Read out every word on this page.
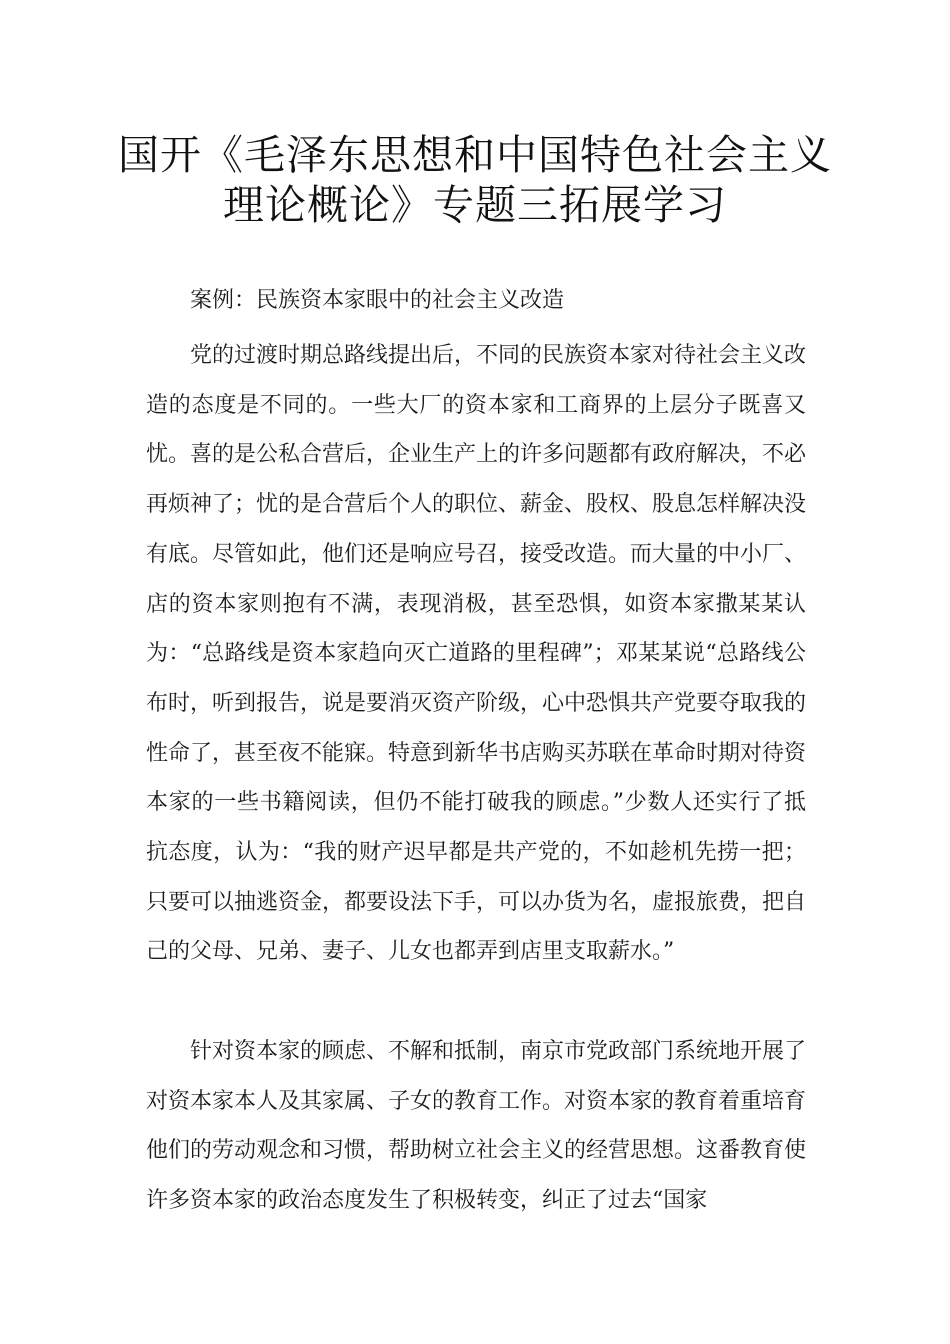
国开《毛泽东思想和中国特色社会主义
理论概论》专题三拓展学习
案例：民族资本家眼中的社会主义改造

党的过渡时期总路线提出后，不同的民族资本家对待社会主义改造的态度是不同的。一些大厂的资本家和工商界的上层分子既喜又忧。喜的是公私合营后，企业生产上的许多问题都有政府解决，不必再烦神了；忧的是合营后个人的职位、薪金、股权、股息怎样解决没有底。尽管如此，他们还是响应号召，接受改造。而大量的中小厂、店的资本家则抱有不满，表现消极，甚至恐惧，如资本家撒某某认为：“总路线是资本家趋向灭亡道路的里程碑”；邓某某说“总路线公布时，听到报告，说是要消灭资产阶级，心中恐惧共产党要夺取我的性命了，甚至夜不能寐。特意到新华书店购买苏联在革命时期对待资本家的一些书籍阅读，但仍不能打破我的顾虑。”少数人还实行了抵抗态度，认为：“我的财产迟早都是共产党的，不如趁机先捞一把；只要可以抽逃资金，都要设法下手，可以办货为名，虚报旅费，把自己的父母、兄弟、妻子、儿女也都弄到店里支取薪水。”

针对资本家的顾虑、不解和抵制，南京市党政部门系统地开展了对资本家本人及其家属、子女的教育工作。对资本家的教育着重培育他们的劳动观念和习惯，帮助树立社会主义的经营思想。这番教育使许多资本家的政治态度发生了积极转变，纠正了过去“国家
